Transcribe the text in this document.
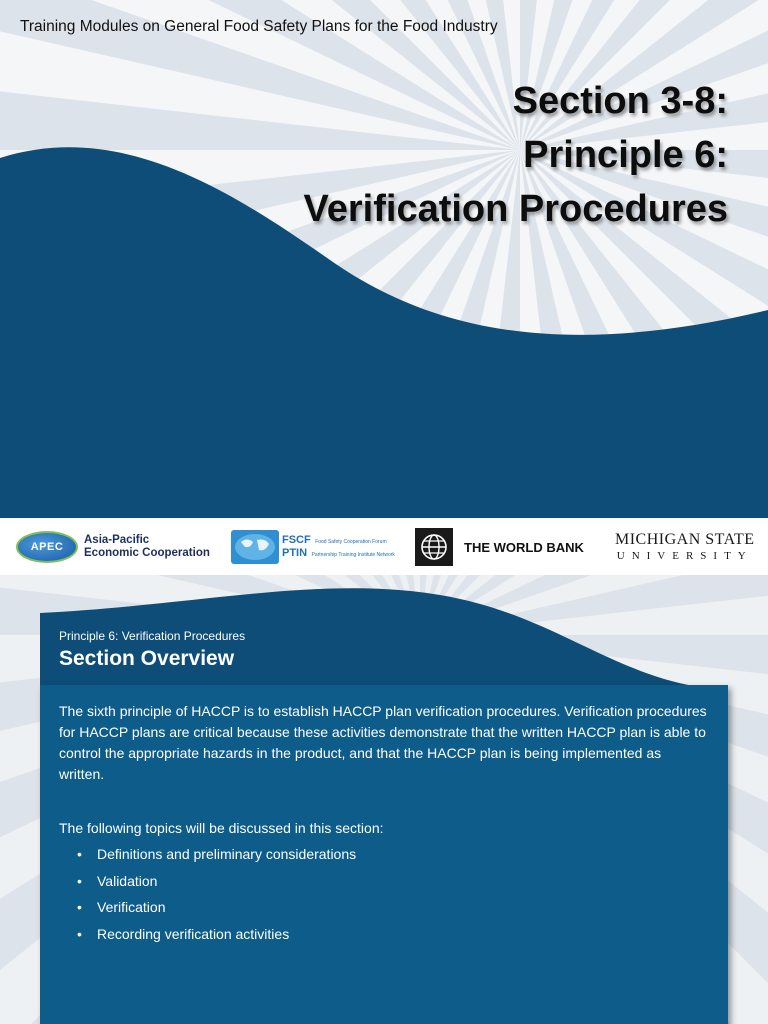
Training Modules on General Food Safety Plans for the Food Industry

Section 3-8:
Principle 6:
Verification Procedures
APEC
Asia-Pacific
Economic Cooperation
FSCF Food Safety Cooperation Forum
PTIN Partnership Training Institute Network
THE WORLD BANK MICHIGAN STATE
UNIVERSITY
Principle 6: Verification Procedures
Section Overview

The sixth principle of HACCP is to establish HACCP plan verification procedures. Verification procedures for HACCP plans are critical because these activities demonstrate that the written HACCP plan is able to control the appropriate hazards in the product, and that the HACCP plan is being implemented as written.

The following topics will be discussed in this section:

• Definitions and preliminary considerations
• Validation
• Verification
• Recording verification activities
